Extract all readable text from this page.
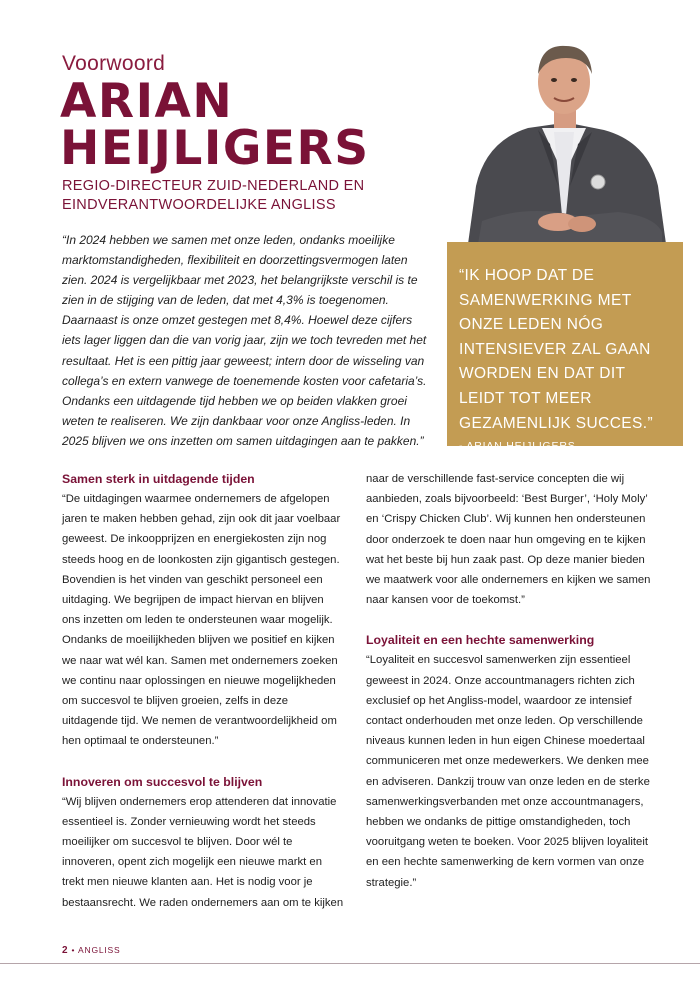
Voorwoord
ARIAN
HEIJLIGERS
REGIO-DIRECTEUR ZUID-NEDERLAND EN EINDVERANTWOORDELIJKE ANGLISS
“In 2024 hebben we samen met onze leden, ondanks moeilijke marktomstandigheden, flexibiliteit en doorzettingsvermogen laten zien. 2024 is vergelijkbaar met 2023, het belangrijkste verschil is te zien in de stijging van de leden, dat met 4,3% is toegenomen. Daarnaast is onze omzet gestegen met 8,4%. Hoewel deze cijfers iets lager liggen dan die van vorig jaar, zijn we toch tevreden met het resultaat. Het is een pittig jaar geweest; intern door de wisseling van collega’s en extern vanwege de toenemende kosten voor cafetaria’s. Ondanks een uitdagende tijd hebben we op beiden vlakken groei weten te realiseren. We zijn dankbaar voor onze Angliss-leden. In 2025 blijven we ons inzetten om samen uitdagingen aan te pakken.”
“IK HOOP DAT DE SAMENWERKING MET ONZE LEDEN NÓG INTENSIEVER ZAL GAAN WORDEN EN DAT DIT LEIDT TOT MEER GEZAMENLIJK SUCCES.”
- ARIAN HEIJLIGERS

Samen sterk in uitdagende tijden

“De uitdagingen waarmee ondernemers de afgelopen jaren te maken hebben gehad, zijn ook dit jaar voelbaar geweest. De inkoopprijzen en energiekosten zijn nog steeds hoog en de loonkosten zijn gigantisch gestegen. Bovendien is het vinden van geschikt personeel een uitdaging. We begrijpen de impact hiervan en blijven ons inzetten om leden te ondersteunen waar mogelijk. Ondanks de moeilijkheden blijven we positief en kijken we naar wat wél kan. Samen met ondernemers zoeken we continu naar oplossingen en nieuwe mogelijkheden om succesvol te blijven groeien, zelfs in deze uitdagende tijd. We nemen de verantwoordelijkheid om hen optimaal te ondersteunen.”

Innoveren om succesvol te blijven

“Wij blijven ondernemers erop attenderen dat innovatie essentieel is. Zonder vernieuwing wordt het steeds moeilijker om succesvol te blijven. Door wél te innoveren, opent zich mogelijk een nieuwe markt en trekt men nieuwe klanten aan. Het is nodig voor je bestaansrecht. We raden ondernemers aan om te kijken

naar de verschillende fast-service concepten die wij aanbieden, zoals bijvoorbeeld: ‘Best Burger’, ‘Holy Moly’ en ‘Crispy Chicken Club’. Wij kunnen hen ondersteunen door onderzoek te doen naar hun omgeving en te kijken wat het beste bij hun zaak past. Op deze manier bieden we maatwerk voor alle ondernemers en kijken we samen naar kansen voor de toekomst.”

Loyaliteit en een hechte samenwerking

“Loyaliteit en succesvol samenwerken zijn essentieel geweest in 2024. Onze accountmanagers richten zich exclusief op het Angliss-model, waardoor ze intensief contact onderhouden met onze leden. Op verschillende niveaus kunnen leden in hun eigen Chinese moedertaal communiceren met onze medewerkers. We denken mee en adviseren. Dankzij trouw van onze leden en de sterke samenwerkingsverbanden met onze accountmanagers, hebben we ondanks de pittige omstandigheden, toch vooruitgang weten te boeken. Voor 2025 blijven loyaliteit en een hechte samenwerking de kern vormen van onze strategie.”

2 • ANGLISS
